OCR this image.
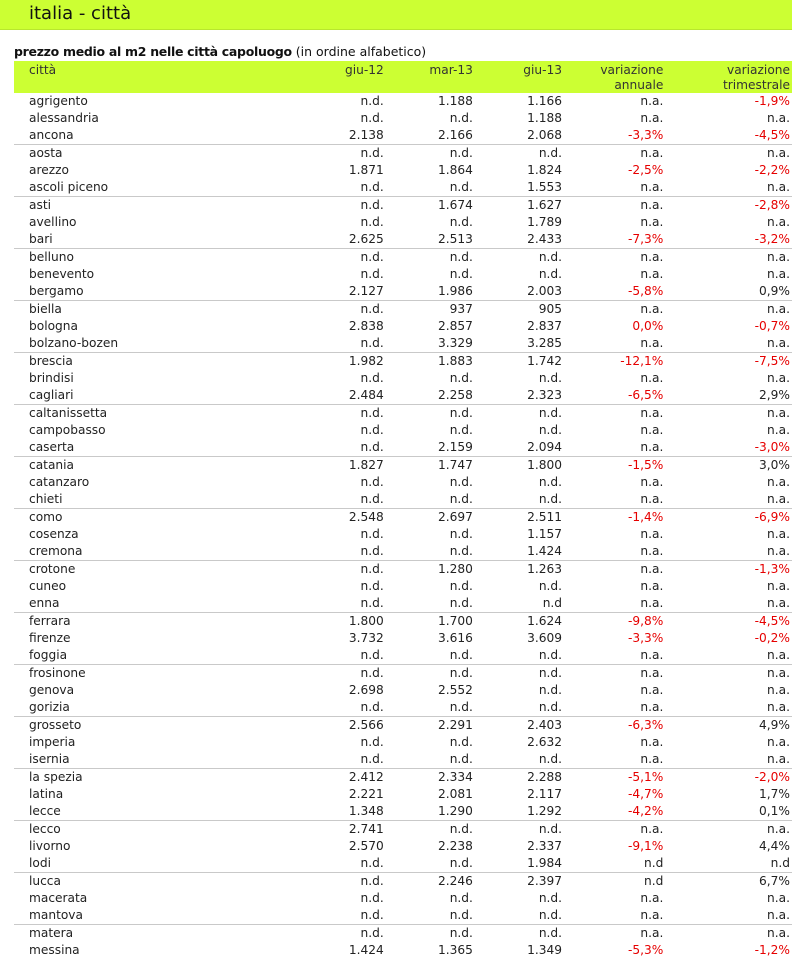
italia - città
prezzo medio al m2 nelle città capoluogo (in ordine alfabetico)
città	giu-12	mar-13	giu-13	variazione annuale	variazione trimestrale
agrigento	n.d.	1.188	1.166	n.a.	-1,9%
alessandria	n.d.	n.d.	1.188	n.a.	n.a.
ancona	2.138	2.166	2.068	-3,3%	-4,5%
aosta	n.d.	n.d.	n.d.	n.a.	n.a.
arezzo	1.871	1.864	1.824	-2,5%	-2,2%
ascoli piceno	n.d.	n.d.	1.553	n.a.	n.a.
asti	n.d.	1.674	1.627	n.a.	-2,8%
avellino	n.d.	n.d.	1.789	n.a.	n.a.
bari	2.625	2.513	2.433	-7,3%	-3,2%
belluno	n.d.	n.d.	n.d.	n.a.	n.a.
benevento	n.d.	n.d.	n.d.	n.a.	n.a.
bergamo	2.127	1.986	2.003	-5,8%	0,9%
biella	n.d.	937	905	n.a.	n.a.
bologna	2.838	2.857	2.837	0,0%	-0,7%
bolzano-bozen	n.d.	3.329	3.285	n.a.	n.a.
brescia	1.982	1.883	1.742	-12,1%	-7,5%
brindisi	n.d.	n.d.	n.d.	n.a.	n.a.
cagliari	2.484	2.258	2.323	-6,5%	2,9%
caltanissetta	n.d.	n.d.	n.d.	n.a.	n.a.
campobasso	n.d.	n.d.	n.d.	n.a.	n.a.
caserta	n.d.	2.159	2.094	n.a.	-3,0%
catania	1.827	1.747	1.800	-1,5%	3,0%
catanzaro	n.d.	n.d.	n.d.	n.a.	n.a.
chieti	n.d.	n.d.	n.d.	n.a.	n.a.
como	2.548	2.697	2.511	-1,4%	-6,9%
cosenza	n.d.	n.d.	1.157	n.a.	n.a.
cremona	n.d.	n.d.	1.424	n.a.	n.a.
crotone	n.d.	1.280	1.263	n.a.	-1,3%
cuneo	n.d.	n.d.	n.d.	n.a.	n.a.
enna	n.d.	n.d.	n.d	n.a.	n.a.
ferrara	1.800	1.700	1.624	-9,8%	-4,5%
firenze	3.732	3.616	3.609	-3,3%	-0,2%
foggia	n.d.	n.d.	n.d.	n.a.	n.a.
frosinone	n.d.	n.d.	n.d.	n.a.	n.a.
genova	2.698	2.552	n.d.	n.a.	n.a.
gorizia	n.d.	n.d.	n.d.	n.a.	n.a.
grosseto	2.566	2.291	2.403	-6,3%	4,9%
imperia	n.d.	n.d.	2.632	n.a.	n.a.
isernia	n.d.	n.d.	n.d.	n.a.	n.a.
la spezia	2.412	2.334	2.288	-5,1%	-2,0%
latina	2.221	2.081	2.117	-4,7%	1,7%
lecce	1.348	1.290	1.292	-4,2%	0,1%
lecco	2.741	n.d.	n.d.	n.a.	n.a.
livorno	2.570	2.238	2.337	-9,1%	4,4%
lodi	n.d.	n.d.	1.984	n.d	n.d
lucca	n.d.	2.246	2.397	n.d	6,7%
macerata	n.d.	n.d.	n.d.	n.a.	n.a.
mantova	n.d.	n.d.	n.d.	n.a.	n.a.
matera	n.d.	n.d.	n.d.	n.a.	n.a.
messina	1.424	1.365	1.349	-5,3%	-1,2%
